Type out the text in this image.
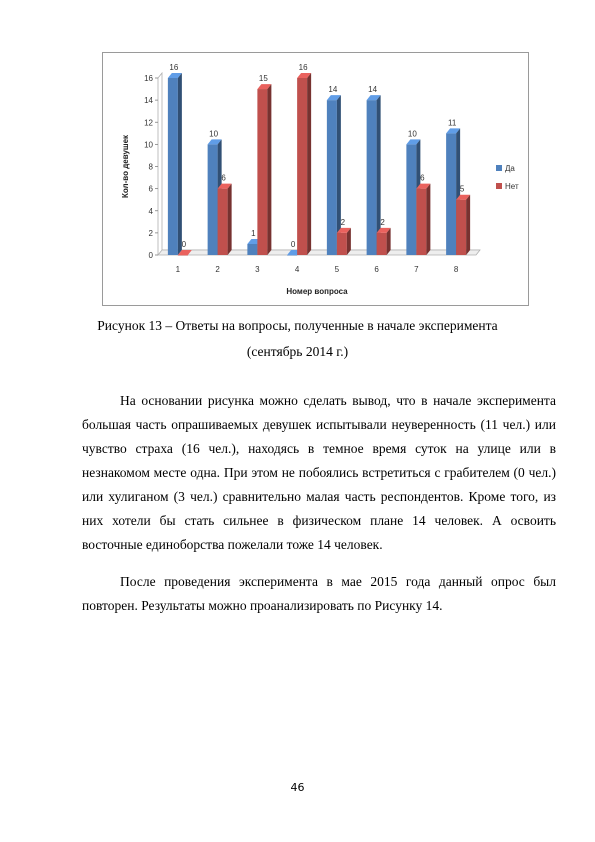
0
2
4
6
8
10
12
14
16
Кол-во девушек
1
16
0
2
10
6
3
1
15
4
0
16
5
14
2
6
14
2
7
10
6
8
11
5
Номер вопроса
Да
Нет
Рисунок 13 – Ответы на вопросы, полученные в начале эксперимента
(сентябрь 2014 г.)

На основании рисунка можно сделать вывод, что в начале эксперимента большая часть опрашиваемых девушек испытывали неуверенность (11 чел.) или чувство страха (16 чел.), находясь в темное время суток на улице или в незнакомом месте одна. При этом не побоялись встретиться с грабителем (0 чел.) или хулиганом (3 чел.) сравнительно малая часть респондентов. Кроме того, из них хотели бы стать сильнее в физическом плане 14 человек. А освоить восточные единоборства пожелали тоже 14 человек.

После проведения эксперимента в мае 2015 года данный опрос был повторен. Результаты можно проанализировать по Рисунку 14.

46
